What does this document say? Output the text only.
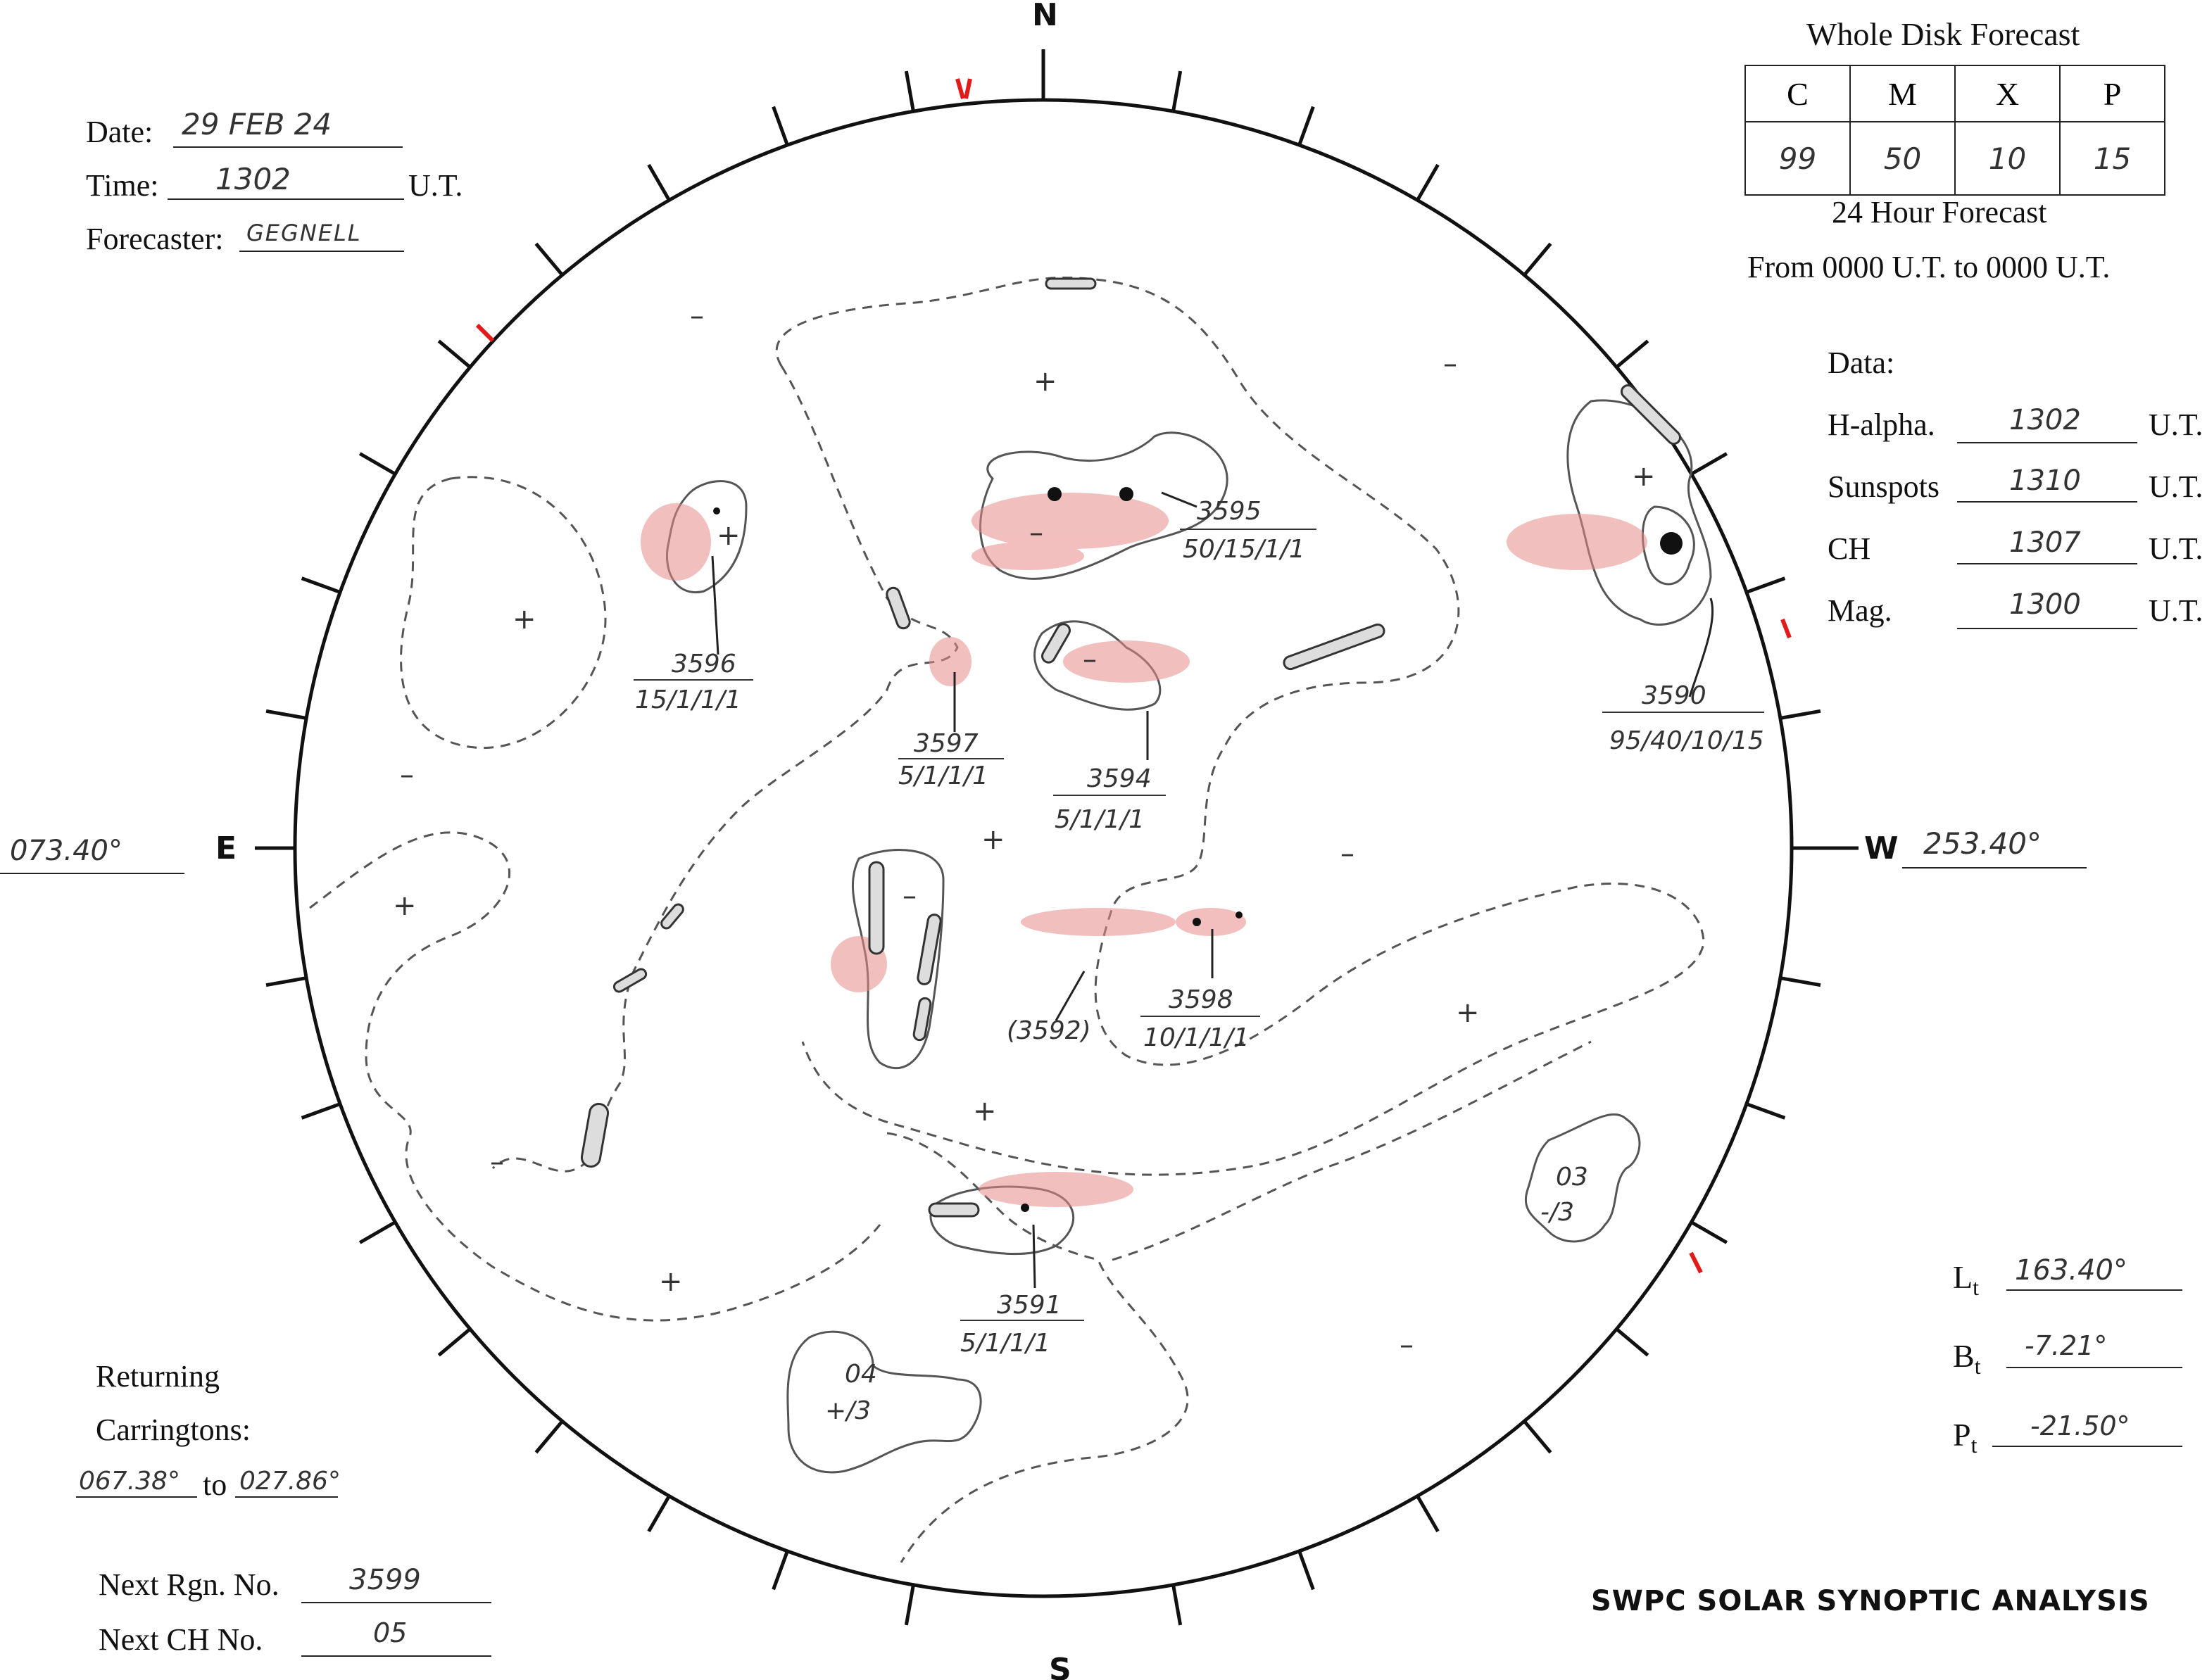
Date: 29 FEB 24
Time: 1302	U.T.
Forecaster: GEGNELL
Whole Disk Forecast
C	M	X	P
99	50	10	15
24 Hour Forecast
From 0000 U.T. to 0000 U.T.
Data:
H-alpha.	1302 U.T.
Sunspots 1310 U.T.
CH	1307 U.T.
Mag.	1300 U.T.
+
+
+
+
+
+
+
+
+
–
–
–
–
–
–
–
–
–
3595
50/15/1/1
3596
15/1/1/1
3597
5/1/1/1	3594
5/1/1/1
3590
95/40/10/15
3598
10/1/1/1
(3592)
3591
5/1/1/1
04
+/3
03
-/3
N
S
E	W
073.40°	253.40°
$L_t$
163.40°
$B_t$
-7.21°
$P_t$
-21.50°
Returning
Carringtons:
067.38° to 027.86°
Next Rgn. No. 3599
Next CH No.	05
SWPC SOLAR SYNOPTIC ANALYSIS
